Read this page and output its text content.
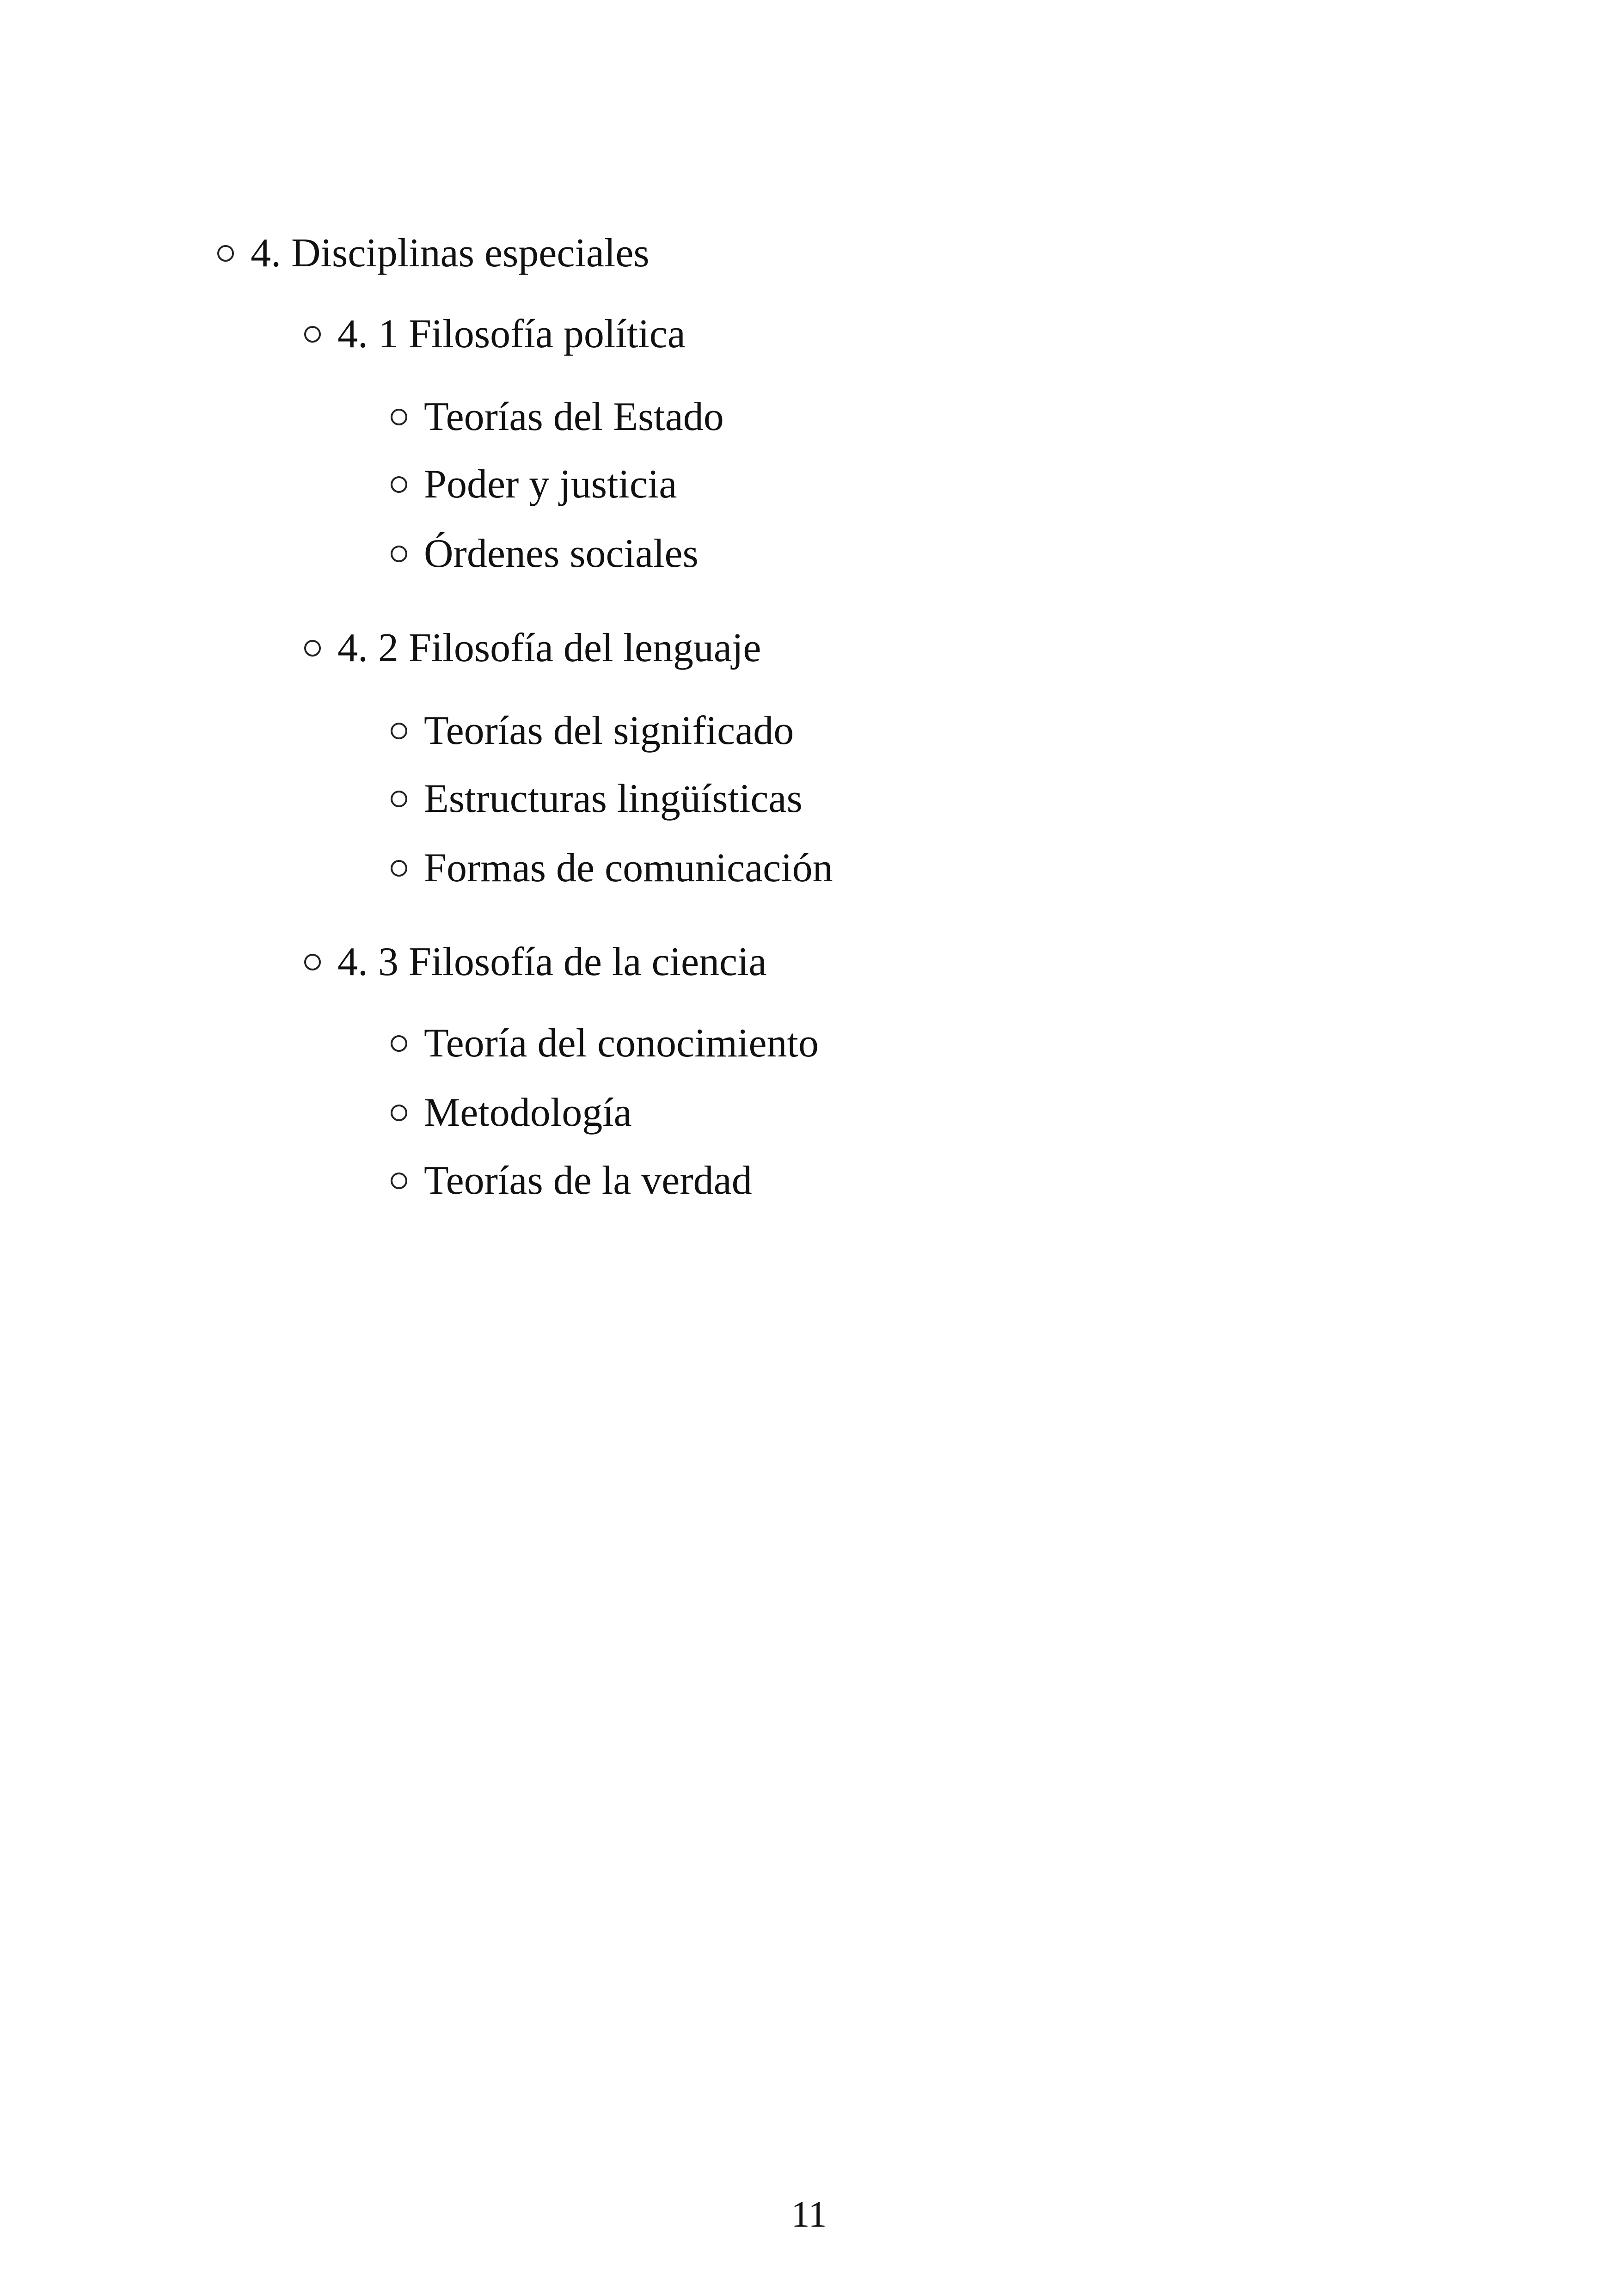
4. Disciplinas especiales
4. 1 Filosofía política
Teorías del Estado
Poder y justicia
Órdenes sociales
4. 2 Filosofía del lenguaje
Teorías del significado
Estructuras lingüísticas
Formas de comunicación
4. 3 Filosofía de la ciencia
Teoría del conocimiento
Metodología
Teorías de la verdad
11
